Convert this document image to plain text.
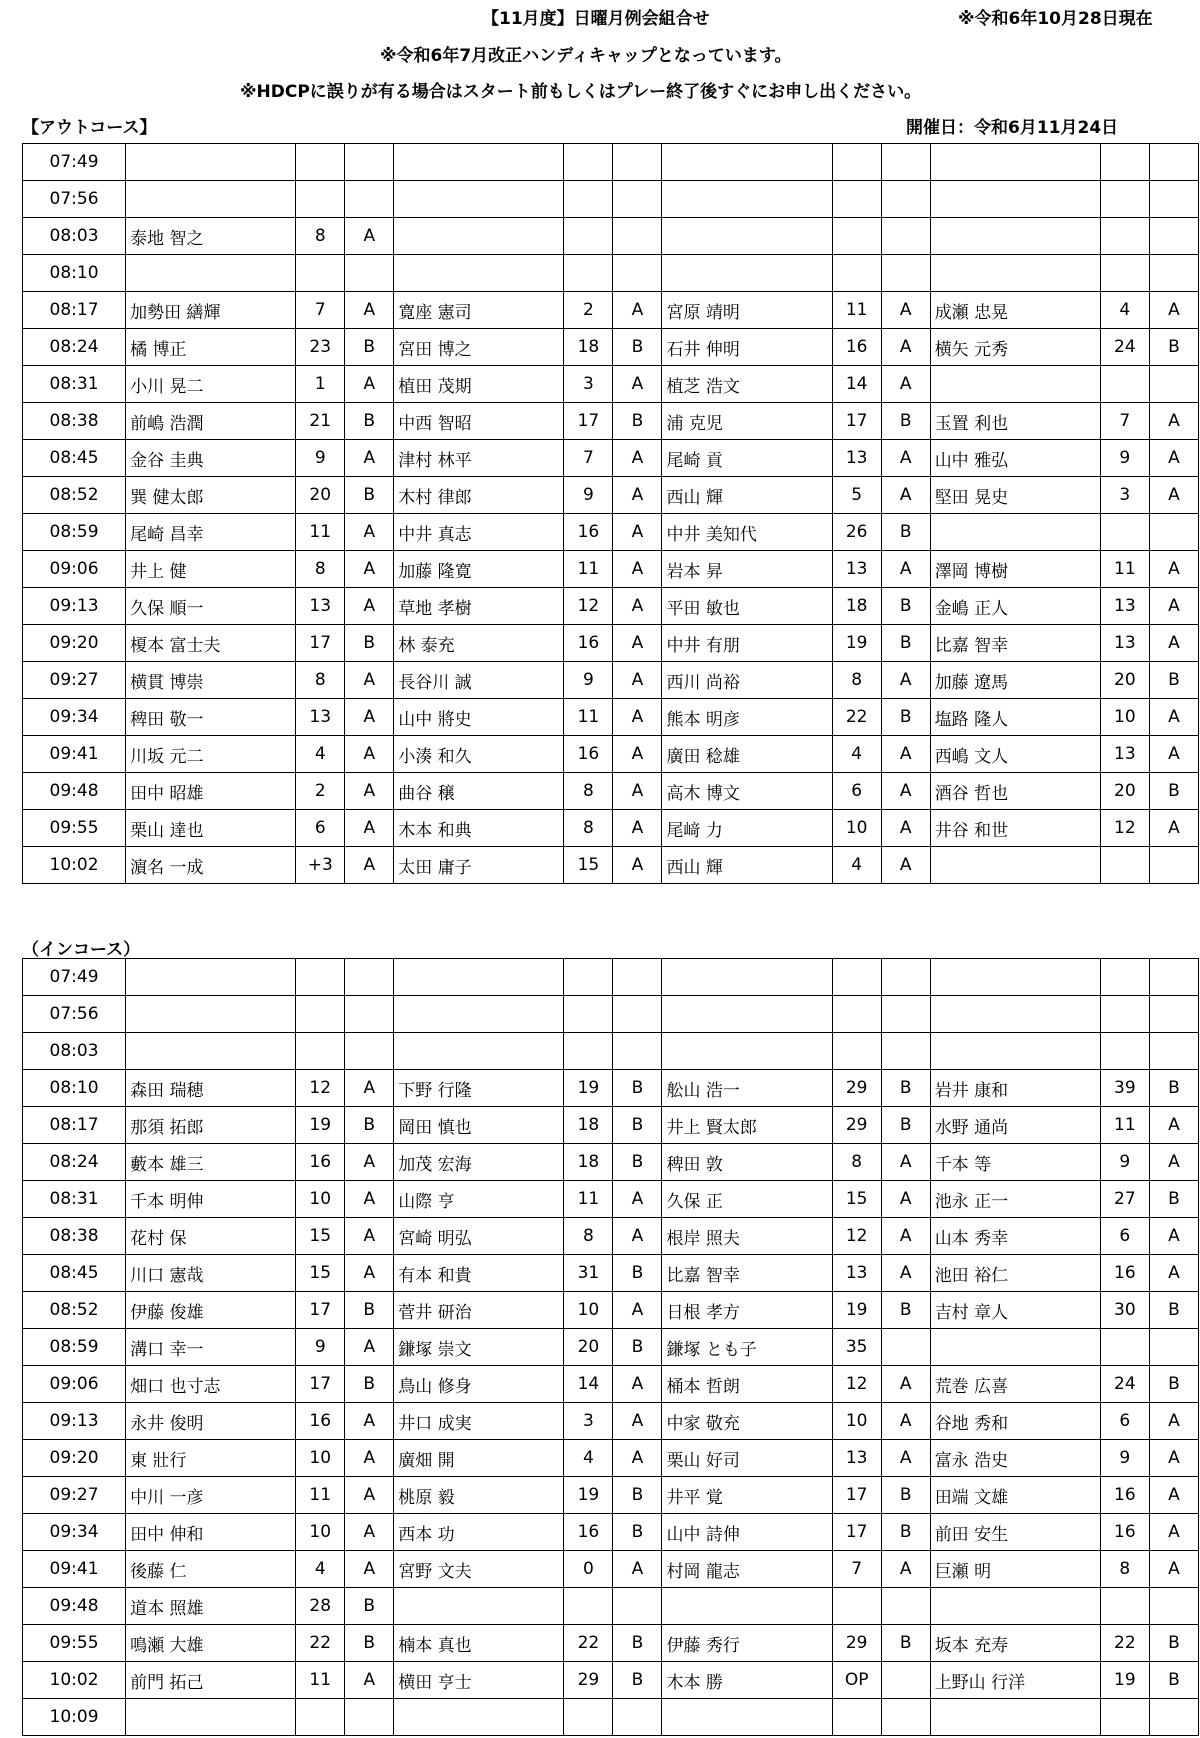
【11月度】日曜月例会組合せ	※令和6年10月28日現在
※令和6年7月改正ハンディキャップとなっています。
※HDCPに誤りが有る場合はスタート前もしくはプレー終了後すぐにお申し出ください。
【アウトコース】	開催日：令和6月11月24日
07:49												
07:56												
08:03	泰地 智之	8	A									
08:10												
08:17	加勢田 繕輝	7	A	寛座 憲司	2	A	宮原 靖明	11	A	成瀬 忠晃	4	A
08:24	橘 博正	23	B	宮田 博之	18	B	石井 伸明	16	A	横矢 元秀	24	B
08:31	小川 晃二	1	A	植田 茂期	3	A	植芝 浩文	14	A			
08:38	前嶋 浩潤	21	B	中西 智昭	17	B	浦 克児	17	B	玉置 利也	7	A
08:45	金谷 圭典	9	A	津村 林平	7	A	尾崎 貢	13	A	山中 雅弘	9	A
08:52	巽 健太郎	20	B	木村 律郎	9	A	西山 輝	5	A	堅田 晃史	3	A
08:59	尾崎 昌幸	11	A	中井 真志	16	A	中井 美知代	26	B			
09:06	井上 健	8	A	加藤 隆寛	11	A	岩本 昇	13	A	澤岡 博樹	11	A
09:13	久保 順一	13	A	草地 孝樹	12	A	平田 敏也	18	B	金嶋 正人	13	A
09:20	榎本 富士夫	17	B	林 泰充	16	A	中井 有朋	19	B	比嘉 智幸	13	A
09:27	横貫 博崇	8	A	長谷川 誠	9	A	西川 尚裕	8	A	加藤 遼馬	20	B
09:34	稗田 敬一	13	A	山中 將史	11	A	熊本 明彦	22	B	塩路 隆人	10	A
09:41	川坂 元二	4	A	小湊 和久	16	A	廣田 稔雄	4	A	西嶋 文人	13	A
09:48	田中 昭雄	2	A	曲谷 穣	8	A	高木 博文	6	A	酒谷 哲也	20	B
09:55	栗山 達也	6	A	木本 和典	8	A	尾﨑 力	10	A	井谷 和世	12	A
10:02	濵名 一成	+3	A	太田 庸子	15	A	西山 輝	4	A			
（インコース）
07:49												
07:56												
08:03												
08:10	森田 瑞穂	12	A	下野 行隆	19	B	舩山 浩一	29	B	岩井 康和	39	B
08:17	那須 拓郎	19	B	岡田 慎也	18	B	井上 賢太郎	29	B	水野 通尚	11	A
08:24	藪本 雄三	16	A	加茂 宏海	18	B	稗田 敦	8	A	千本 等	9	A
08:31	千本 明伸	10	A	山際 亨	11	A	久保 正	15	A	池永 正一	27	B
08:38	花村 保	15	A	宮崎 明弘	8	A	根岸 照夫	12	A	山本 秀幸	6	A
08:45	川口 憲哉	15	A	有本 和貴	31	B	比嘉 智幸	13	A	池田 裕仁	16	A
08:52	伊藤 俊雄	17	B	菅井 研治	10	A	日根 孝方	19	B	吉村 章人	30	B
08:59	溝口 幸一	9	A	鎌塚 崇文	20	B	鎌塚 とも子	35				
09:06	畑口 也寸志	17	B	鳥山 修身	14	A	桶本 哲朗	12	A	荒巻 広喜	24	B
09:13	永井 俊明	16	A	井口 成実	3	A	中家 敬充	10	A	谷地 秀和	6	A
09:20	東 壯行	10	A	廣畑 開	4	A	栗山 好司	13	A	富永 浩史	9	A
09:27	中川 一彦	11	A	桃原 毅	19	B	井平 覚	17	B	田端 文雄	16	A
09:34	田中 伸和	10	A	西本 功	16	B	山中 詩伸	17	B	前田 安生	16	A
09:41	後藤 仁	4	A	宮野 文夫	0	A	村岡 龍志	7	A	巨瀬 明	8	A
09:48	道本 照雄	28	B									
09:55	鳴瀬 大雄	22	B	楠本 真也	22	B	伊藤 秀行	29	B	坂本 充寿	22	B
10:02	前門 拓己	11	A	横田 亨士	29	B	木本 勝	OP		上野山 行洋	19	B
10:09												
